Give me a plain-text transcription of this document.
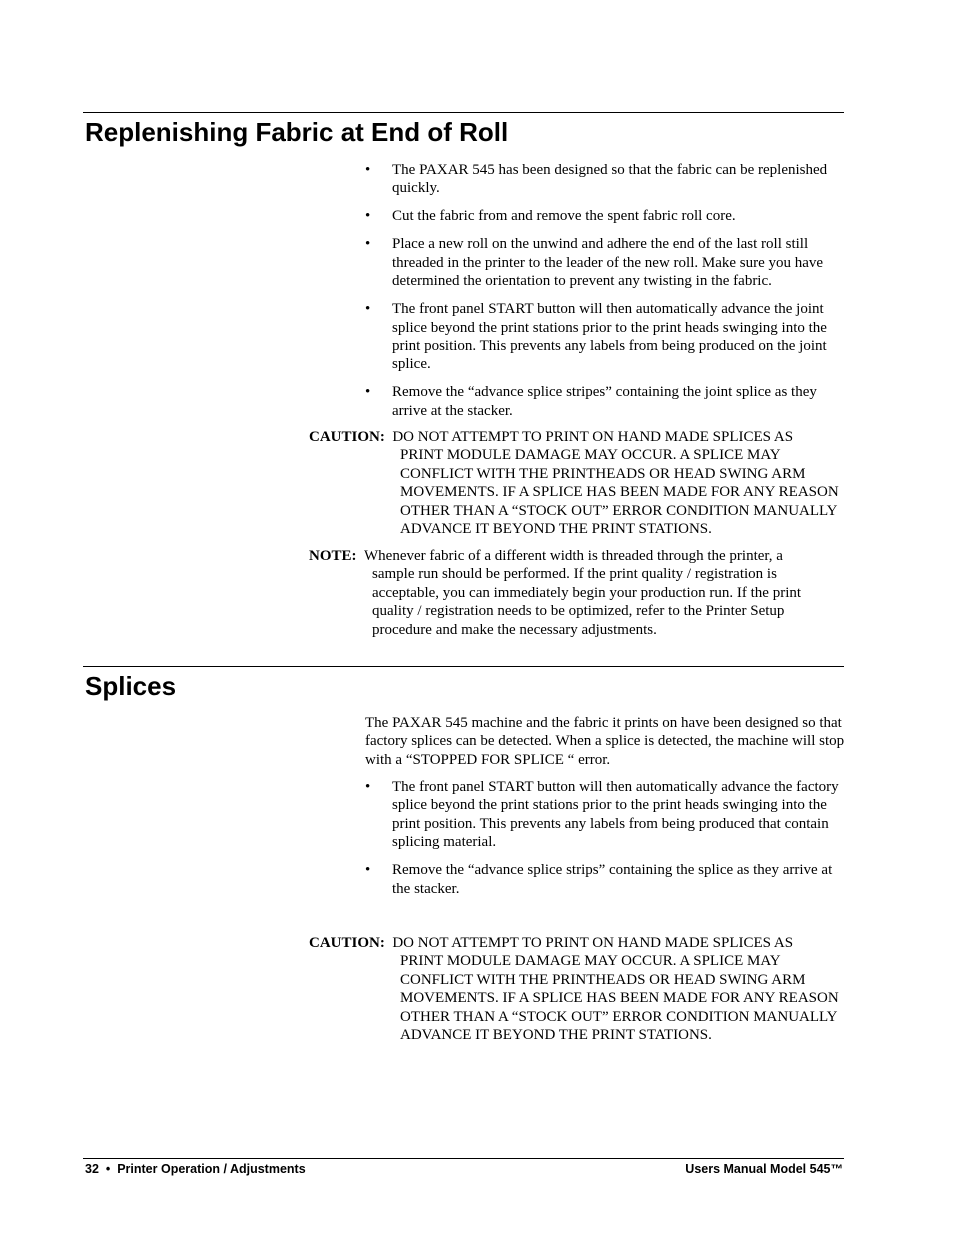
Replenishing Fabric at End of Roll
•	The PAXAR 545 has been designed so that the fabric can be replenished quickly.
•	Cut the fabric from and remove the spent fabric roll core.
•	Place a new roll on the unwind and adhere the end of the last roll still threaded in the printer to the leader of the new roll. Make sure you have determined the orientation to prevent any twisting in the fabric.
•	The front panel START button will then automatically advance the joint splice beyond the print stations prior to the print heads swinging into the print position. This prevents any labels from being produced on the joint splice.
•	Remove the “advance splice stripes” containing the joint splice as they arrive at the stacker.
CAUTION: DO NOT ATTEMPT TO PRINT ON HAND MADE SPLICES AS

PRINT MODULE DAMAGE MAY OCCUR. A SPLICE MAY CONFLICT WITH THE PRINTHEADS OR HEAD SWING ARM MOVEMENTS. IF A SPLICE HAS BEEN MADE FOR ANY REASON OTHER THAN A “STOCK OUT” ERROR CONDITION MANUALLY ADVANCE IT BEYOND THE PRINT STATIONS.

NOTE: Whenever fabric of a different width is threaded through the printer, a

sample run should be performed. If the print quality / registration is acceptable, you can immediately begin your production run. If the print quality / registration needs to be optimized, refer to the Printer Setup procedure and make the necessary adjustments.

Splices

The PAXAR 545 machine and the fabric it prints on have been designed so that factory splices can be detected. When a splice is detected, the machine will stop with a “STOPPED FOR SPLICE “ error.

•	The front panel START button will then automatically advance the factory splice beyond the print stations prior to the print heads swinging into the print position. This prevents any labels from being produced that contain splicing material.
•	Remove the “advance splice strips” containing the splice as they arrive at the stacker.
CAUTION: DO NOT ATTEMPT TO PRINT ON HAND MADE SPLICES AS

PRINT MODULE DAMAGE MAY OCCUR. A SPLICE MAY CONFLICT WITH THE PRINTHEADS OR HEAD SWING ARM MOVEMENTS. IF A SPLICE HAS BEEN MADE FOR ANY REASON OTHER THAN A “STOCK OUT” ERROR CONDITION MANUALLY ADVANCE IT BEYOND THE PRINT STATIONS.

32 • Printer Operation / Adjustments	Users Manual Model 545™
